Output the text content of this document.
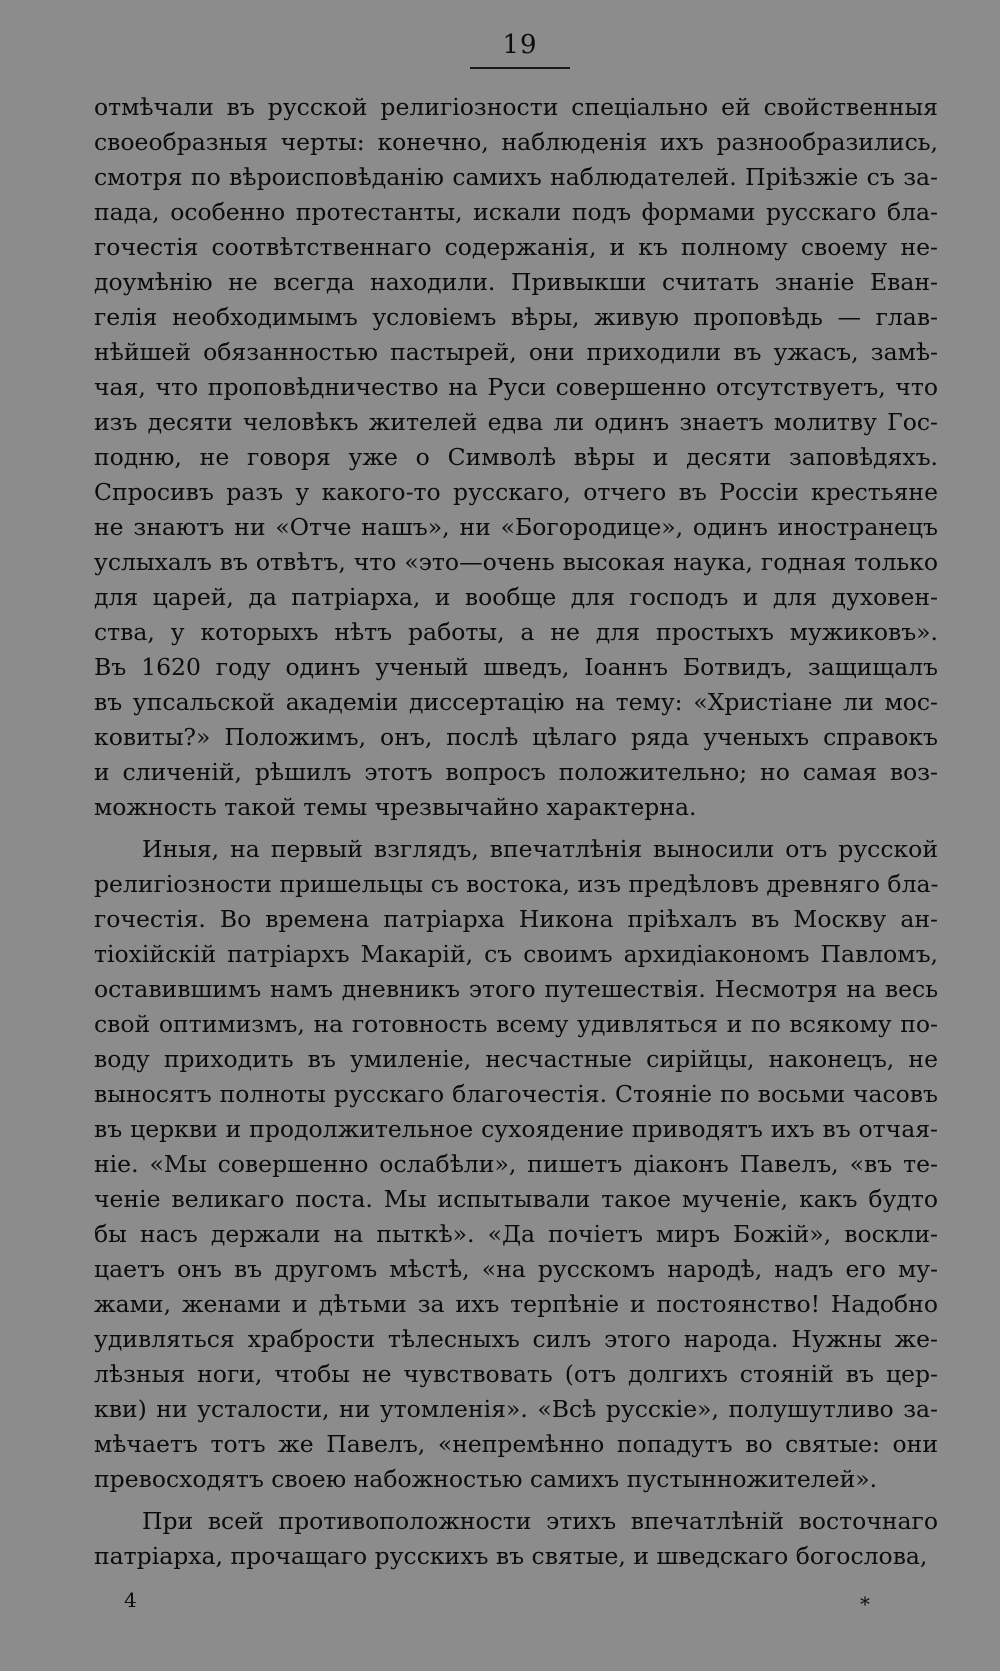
19
отмѣчали въ русской религіозности спеціально ей свойственныя
своеобразныя черты: конечно, наблюденія ихъ разнообразились,
смотря по вѣроисповѣданію самихъ наблюдателей. Пріѣзжіе съ за-
пада, особенно протестанты, искали подъ формами русскаго бла-
гочестія соотвѣтственнаго содержанія, и къ полному своему не-
доумѣнію не всегда находили. Привыкши считать знаніе Еван-
гелія необходимымъ условіемъ вѣры, живую проповѣдь — глав-
нѣйшей обязанностью пастырей, они приходили въ ужасъ, замѣ-
чая, что проповѣдничество на Руси совершенно отсутствуетъ, что
изъ десяти человѣкъ жителей едва ли одинъ знаетъ молитву Гос-
подню, не говоря уже о Символѣ вѣры и десяти заповѣдяхъ.
Спросивъ разъ у какого-то русскаго, отчего въ Россіи крестьяне
не знаютъ ни «Отче нашъ», ни «Богородице», одинъ иностранецъ
услыхалъ въ отвѣтъ, что «это—очень высокая наука, годная только
для царей, да патріарха, и вообще для господъ и для духовен-
ства, у которыхъ нѣтъ работы, а не для простыхъ мужиковъ».
Въ 1620 году одинъ ученый шведъ, Іоаннъ Ботвидъ, защищалъ
въ упсальской академіи диссертацію на тему: «Христіане ли мос-
ковиты?» Положимъ, онъ, послѣ цѣлаго ряда ученыхъ справокъ
и сличеній, рѣшилъ этотъ вопросъ положительно; но самая воз-
можность такой темы чрезвычайно характерна.
Иныя, на первый взглядъ, впечатлѣнія выносили отъ русской
религіозности пришельцы съ востока, изъ предѣловъ древняго бла-
гочестія. Во времена патріарха Никона пріѣхалъ въ Москву ан-
тіохійскій патріархъ Макарій, съ своимъ архидіакономъ Павломъ,
оставившимъ намъ дневникъ этого путешествія. Несмотря на весь
свой оптимизмъ, на готовность всему удивляться и по всякому по-
воду приходить въ умиленіе, несчастные сирійцы, наконецъ, не
выносятъ полноты русскаго благочестія. Стояніе по восьми часовъ
въ церкви и продолжительное сухоядение приводятъ ихъ въ отчая-
ніе. «Мы совершенно ослабѣли», пишетъ діаконъ Павелъ, «въ те-
ченіе великаго поста. Мы испытывали такое мученіе, какъ будто
бы насъ держали на пыткѣ». «Да почіетъ миръ Божій», воскли-
цаетъ онъ въ другомъ мѣстѣ, «на русскомъ народѣ, надъ его му-
жами, женами и дѣтьми за ихъ терпѣніе и постоянство! Надобно
удивляться храбрости тѣлесныхъ силъ этого народа. Нужны же-
лѣзныя ноги, чтобы не чувствовать (отъ долгихъ стояній въ цер-
кви) ни усталости, ни утомленія». «Всѣ русскіе», полушутливо за-
мѣчаетъ тотъ же Павелъ, «непремѣнно попадутъ во святые: они
превосходятъ своею набожностью самихъ пустынножителей».
При всей противоположности этихъ впечатлѣній восточнаго
патріарха, прочащаго русскихъ въ святые, и шведскаго богослова,
4	*
